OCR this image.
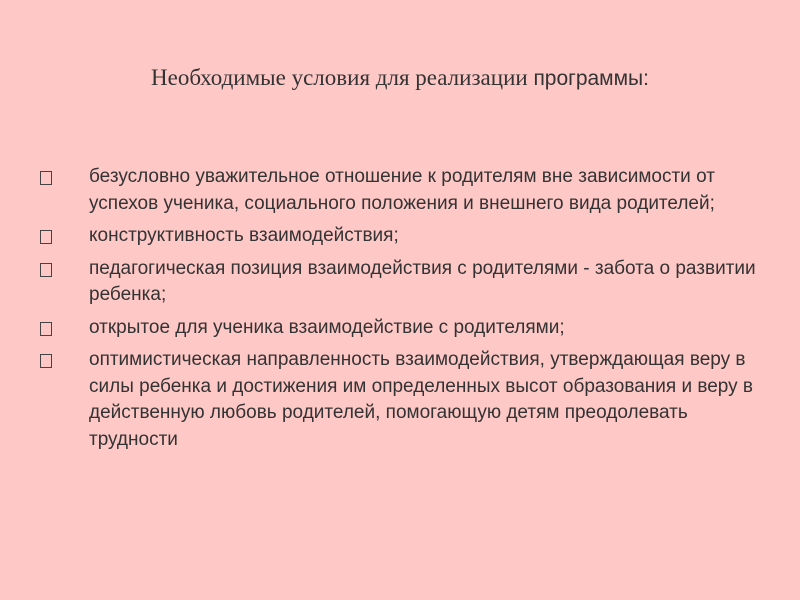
Необходимые условия для реализации программы:
безусловно уважительное отношение к родителям вне зависимости от успехов ученика, социального положения и внешнего вида родителей;
конструктивность взаимодействия;
педагогическая позиция взаимодействия с родителями - забота о развитии ребенка;
открытое для ученика взаимодействие с родителями;
оптимистическая направленность взаимодействия, утверждающая веру в силы ребенка и достижения им определенных высот образования и веру в действенную любовь родителей, помогающую детям преодолевать трудности
